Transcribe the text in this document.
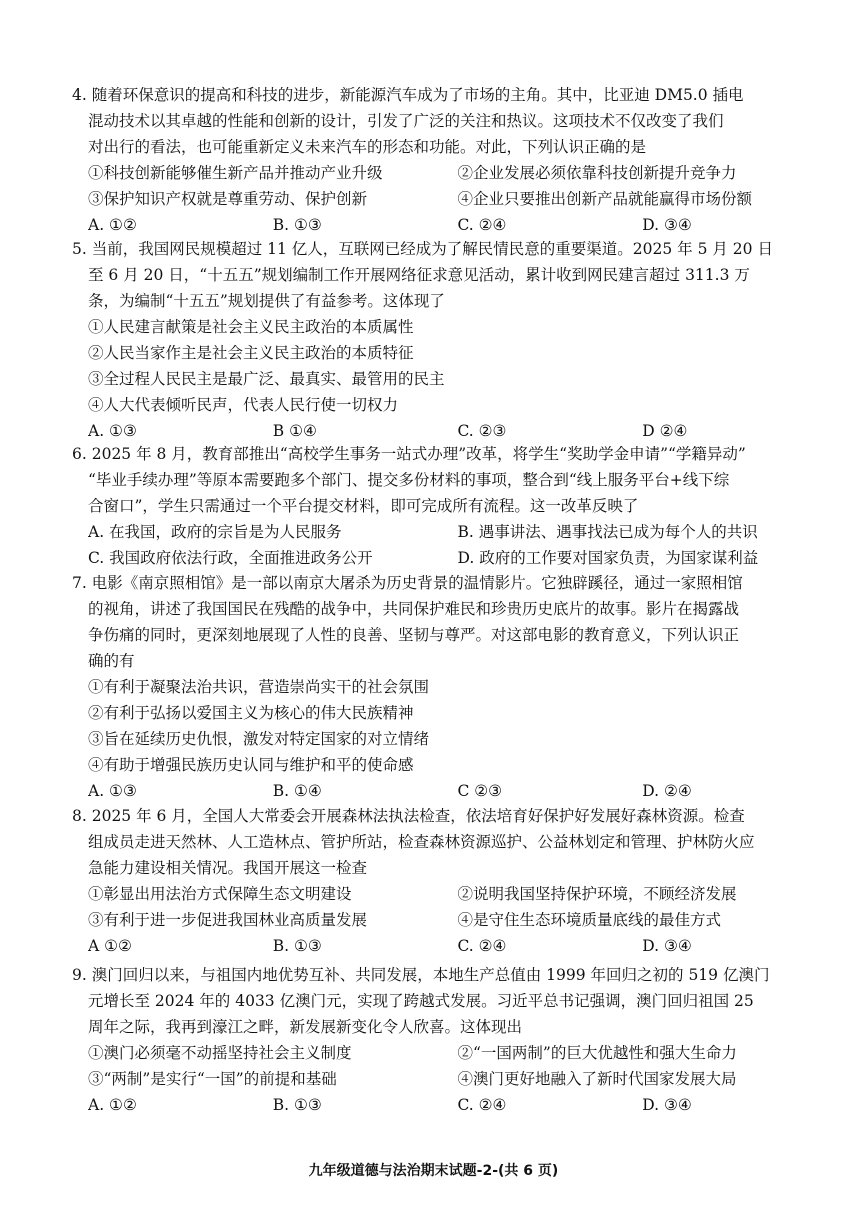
4. 随着环保意识的提高和科技的进步，新能源汽车成为了市场的主角。其中，比亚迪 DM5.0 插电
混动技术以其卓越的性能和创新的设计，引发了广泛的关注和热议。这项技术不仅改变了我们
对出行的看法，也可能重新定义未来汽车的形态和功能。对此，下列认识正确的是
①科技创新能够催生新产品并推动产业升级	②企业发展必须依靠科技创新提升竞争力
③保护知识产权就是尊重劳动、保护创新	④企业只要推出创新产品就能赢得市场份额
A. ①②	B. ①③	C. ②④	D. ③④
5. 当前，我国网民规模超过 11 亿人，互联网已经成为了解民情民意的重要渠道。2025 年 5 月 20 日
至 6 月 20 日，“十五五”规划编制工作开展网络征求意见活动，累计收到网民建言超过 311.3 万
条，为编制“十五五”规划提供了有益参考。这体现了
①人民建言献策是社会主义民主政治的本质属性
②人民当家作主是社会主义民主政治的本质特征
③全过程人民民主是最广泛、最真实、最管用的民主
④人大代表倾听民声，代表人民行使一切权力
A. ①③	B ①④	C. ②③	D ②④
6. 2025 年 8 月，教育部推出“高校学生事务一站式办理”改革，将学生“奖助学金申请”“学籍异动”
“毕业手续办理”等原本需要跑多个部门、提交多份材料的事项，整合到“线上服务平台+线下综
合窗口”，学生只需通过一个平台提交材料，即可完成所有流程。这一改革反映了
A. 在我国，政府的宗旨是为人民服务	B. 遇事讲法、遇事找法已成为每个人的共识
C. 我国政府依法行政，全面推进政务公开	D. 政府的工作要对国家负责，为国家谋利益
7. 电影《南京照相馆》是一部以南京大屠杀为历史背景的温情影片。它独辟蹊径，通过一家照相馆
的视角，讲述了我国国民在残酷的战争中，共同保护难民和珍贵历史底片的故事。影片在揭露战
争伤痛的同时，更深刻地展现了人性的良善、坚韧与尊严。对这部电影的教育意义，下列认识正
确的有
①有利于凝聚法治共识，营造崇尚实干的社会氛围
②有利于弘扬以爱国主义为核心的伟大民族精神
③旨在延续历史仇恨，激发对特定国家的对立情绪
④有助于增强民族历史认同与维护和平的使命感
A. ①③	B. ①④	C ②③	D. ②④
8. 2025 年 6 月，全国人大常委会开展森林法执法检查，依法培育好保护好发展好森林资源。检查
组成员走进天然林、人工造林点、管护所站，检查森林资源巡护、公益林划定和管理、护林防火应
急能力建设相关情况。我国开展这一检查
①彰显出用法治方式保障生态文明建设	②说明我国坚持保护环境，不顾经济发展
③有利于进一步促进我国林业高质量发展	④是守住生态环境质量底线的最佳方式
A ①②	B. ①③	C. ②④	D. ③④
9. 澳门回归以来，与祖国内地优势互补、共同发展，本地生产总值由 1999 年回归之初的 519 亿澳门
元增长至 2024 年的 4033 亿澳门元，实现了跨越式发展。习近平总书记强调，澳门回归祖国 25
周年之际，我再到濠江之畔，新发展新变化令人欣喜。这体现出
①澳门必须毫不动摇坚持社会主义制度	②“一国两制”的巨大优越性和强大生命力
③“两制”是实行“一国”的前提和基础	④澳门更好地融入了新时代国家发展大局
A. ①②	B. ①③	C. ②④	D. ③④
九年级道德与法治期末试题-2-(共 6 页)
